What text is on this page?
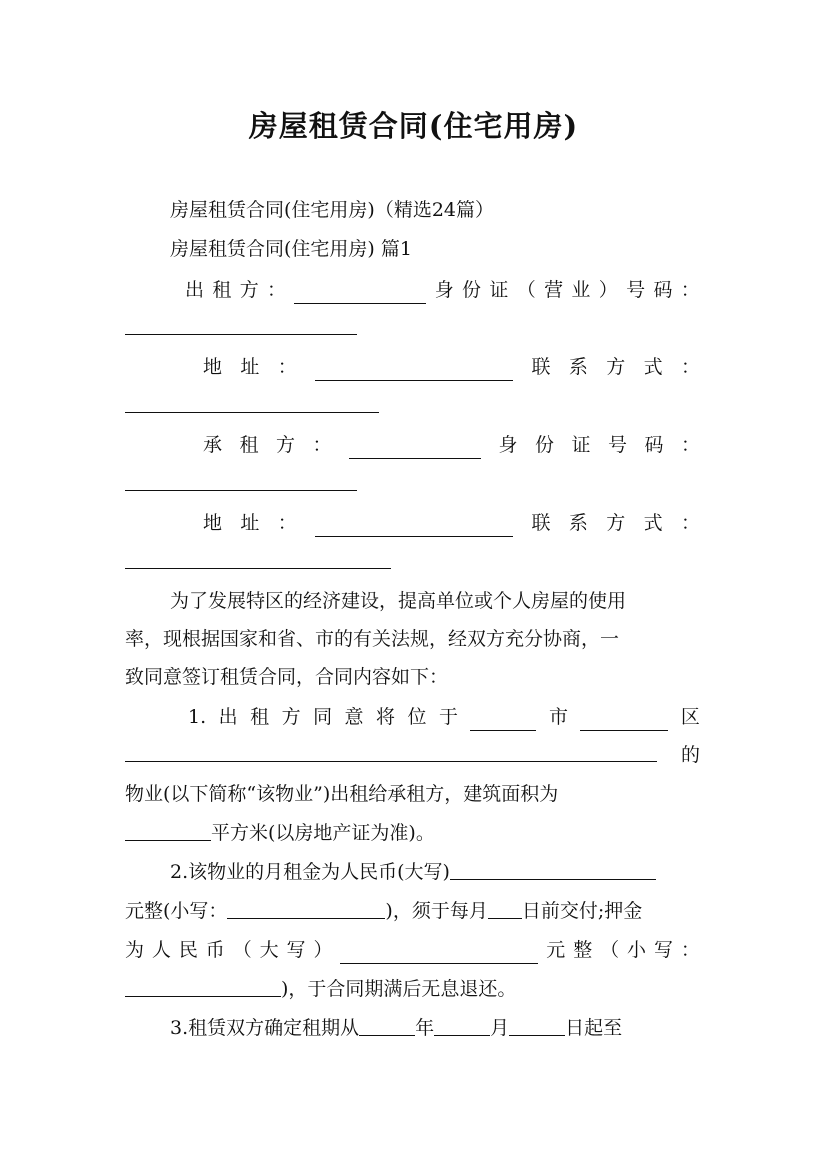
房屋租赁合同(住宅用房)
房屋租赁合同(住宅用房)（精选24篇）
房屋租赁合同(住宅用房) 篇1
出 租 方 ：	身 份 证 （ 营 业 ） 号 码 ：
地 址 ：	联 系 方 式 ：
承 租 方 ：	身 份 证 号 码 ：
地 址 ：	联 系 方 式 ：
为了发展特区的经济建设，提高单位或个人房屋的使用
率，现根据国家和省、市的有关法规，经双方充分协商，一
致同意签订租赁合同，合同内容如下：
1. 出 租 方 同 意 将 位 于	市	区
的
物业(以下简称“该物业”)出租给承租方，建筑面积为
平方米(以房地产证为准)。
2.该物业的月租金为人民币(大写)
元整(小写：	)，须于每月 日前交付;押金
为 人 民 币 （ 大 写 ）	元 整 （ 小 写 ：
)，于合同期满后无息退还。
3.租赁双方确定租期从	年	月	日起至
